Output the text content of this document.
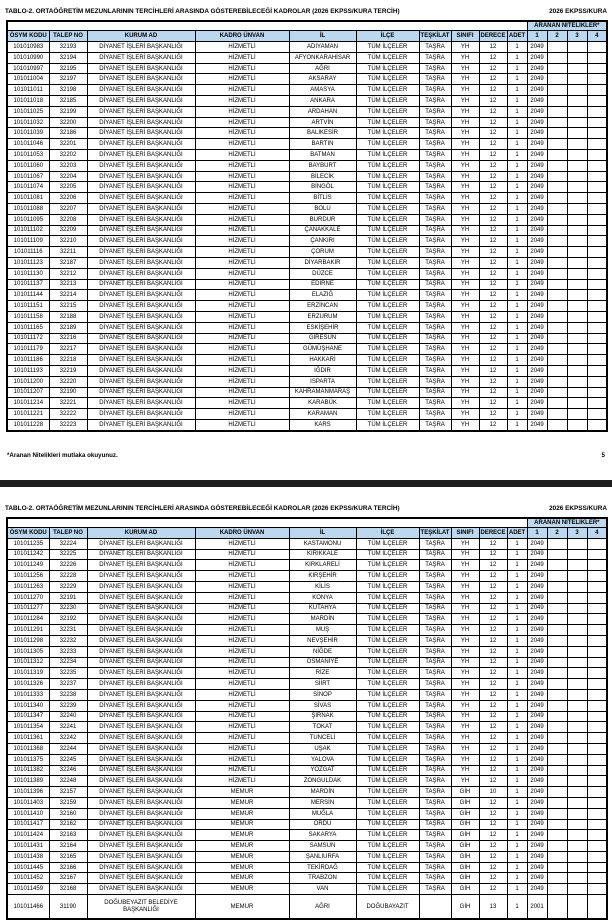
TABLO-2. ORTAÖĞRETİM MEZUNLARININ TERCİHLERİ ARASINDA GÖSTEREBİLECEĞİ KADROLAR (2026 EKPSS/KURA TERCİH)	2026 EKPSS/KURA
										ARANAN NİTELİKLER*			
ÖSYM KODU	TALEP NO	KURUM AD	KADRO ÜNVAN	İL	İLÇE	TEŞKİLAT	SINIFI	DERECE	ADET	1	2	3	4
101010983	32193	DİYANET İŞLERİ BAŞKANLIĞI	HİZMETLİ	ADIYAMAN	TÜM İLÇELER	TAŞRA	YH	12	1	2049			
101010990	32194	DİYANET İŞLERİ BAŞKANLIĞI	HİZMETLİ	AFYONKARAHİSAR	TÜM İLÇELER	TAŞRA	YH	12	1	2049			
101010997	32195	DİYANET İŞLERİ BAŞKANLIĞI	HİZMETLİ	AĞRI	TÜM İLÇELER	TAŞRA	YH	12	1	2049			
101011004	32197	DİYANET İŞLERİ BAŞKANLIĞI	HİZMETLİ	AKSARAY	TÜM İLÇELER	TAŞRA	YH	12	1	2049			
101011011	32198	DİYANET İŞLERİ BAŞKANLIĞI	HİZMETLİ	AMASYA	TÜM İLÇELER	TAŞRA	YH	12	1	2049			
101011018	32185	DİYANET İŞLERİ BAŞKANLIĞI	HİZMETLİ	ANKARA	TÜM İLÇELER	TAŞRA	YH	12	1	2049			
101011025	32199	DİYANET İŞLERİ BAŞKANLIĞI	HİZMETLİ	ARDAHAN	TÜM İLÇELER	TAŞRA	YH	12	1	2049			
101011032	32200	DİYANET İŞLERİ BAŞKANLIĞI	HİZMETLİ	ARTVİN	TÜM İLÇELER	TAŞRA	YH	12	1	2049			
101011039	32186	DİYANET İŞLERİ BAŞKANLIĞI	HİZMETLİ	BALIKESİR	TÜM İLÇELER	TAŞRA	YH	12	1	2049			
101011046	32201	DİYANET İŞLERİ BAŞKANLIĞI	HİZMETLİ	BARTIN	TÜM İLÇELER	TAŞRA	YH	12	1	2049			
101011053	32202	DİYANET İŞLERİ BAŞKANLIĞI	HİZMETLİ	BATMAN	TÜM İLÇELER	TAŞRA	YH	12	1	2049			
101011060	32203	DİYANET İŞLERİ BAŞKANLIĞI	HİZMETLİ	BAYBURT	TÜM İLÇELER	TAŞRA	YH	12	1	2049			
101011067	32204	DİYANET İŞLERİ BAŞKANLIĞI	HİZMETLİ	BİLECİK	TÜM İLÇELER	TAŞRA	YH	12	1	2049			
101011074	32205	DİYANET İŞLERİ BAŞKANLIĞI	HİZMETLİ	BİNGÖL	TÜM İLÇELER	TAŞRA	YH	12	1	2049			
101011081	32206	DİYANET İŞLERİ BAŞKANLIĞI	HİZMETLİ	BİTLİS	TÜM İLÇELER	TAŞRA	YH	12	1	2049			
101011088	32207	DİYANET İŞLERİ BAŞKANLIĞI	HİZMETLİ	BOLU	TÜM İLÇELER	TAŞRA	YH	12	1	2049			
101011095	32208	DİYANET İŞLERİ BAŞKANLIĞI	HİZMETLİ	BURDUR	TÜM İLÇELER	TAŞRA	YH	12	1	2049			
101011102	32209	DİYANET İŞLERİ BAŞKANLIĞI	HİZMETLİ	ÇANAKKALE	TÜM İLÇELER	TAŞRA	YH	12	1	2049			
101011109	32210	DİYANET İŞLERİ BAŞKANLIĞI	HİZMETLİ	ÇANKIRI	TÜM İLÇELER	TAŞRA	YH	12	1	2049			
101011116	32211	DİYANET İŞLERİ BAŞKANLIĞI	HİZMETLİ	ÇORUM	TÜM İLÇELER	TAŞRA	YH	12	1	2049			
101011123	32187	DİYANET İŞLERİ BAŞKANLIĞI	HİZMETLİ	DİYARBAKIR	TÜM İLÇELER	TAŞRA	YH	12	1	2049			
101011130	32212	DİYANET İŞLERİ BAŞKANLIĞI	HİZMETLİ	DÜZCE	TÜM İLÇELER	TAŞRA	YH	12	1	2049			
101011137	32213	DİYANET İŞLERİ BAŞKANLIĞI	HİZMETLİ	EDİRNE	TÜM İLÇELER	TAŞRA	YH	12	1	2049			
101011144	32214	DİYANET İŞLERİ BAŞKANLIĞI	HİZMETLİ	ELAZIĞ	TÜM İLÇELER	TAŞRA	YH	12	1	2049			
101011151	32215	DİYANET İŞLERİ BAŞKANLIĞI	HİZMETLİ	ERZİNCAN	TÜM İLÇELER	TAŞRA	YH	12	1	2049			
101011158	32188	DİYANET İŞLERİ BAŞKANLIĞI	HİZMETLİ	ERZURUM	TÜM İLÇELER	TAŞRA	YH	12	1	2049			
101011165	32189	DİYANET İŞLERİ BAŞKANLIĞI	HİZMETLİ	ESKİŞEHİR	TÜM İLÇELER	TAŞRA	YH	12	1	2049			
101011172	32216	DİYANET İŞLERİ BAŞKANLIĞI	HİZMETLİ	GİRESUN	TÜM İLÇELER	TAŞRA	YH	12	1	2049			
101011179	32217	DİYANET İŞLERİ BAŞKANLIĞI	HİZMETLİ	GÜMÜŞHANE	TÜM İLÇELER	TAŞRA	YH	12	1	2049			
101011186	32218	DİYANET İŞLERİ BAŞKANLIĞI	HİZMETLİ	HAKKARİ	TÜM İLÇELER	TAŞRA	YH	12	1	2049			
101011193	32219	DİYANET İŞLERİ BAŞKANLIĞI	HİZMETLİ	IĞDIR	TÜM İLÇELER	TAŞRA	YH	12	1	2049			
101011200	32220	DİYANET İŞLERİ BAŞKANLIĞI	HİZMETLİ	ISPARTA	TÜM İLÇELER	TAŞRA	YH	12	1	2049			
101011207	32190	DİYANET İŞLERİ BAŞKANLIĞI	HİZMETLİ	KAHRAMANMARAŞ	TÜM İLÇELER	TAŞRA	YH	12	1	2049			
101011214	32221	DİYANET İŞLERİ BAŞKANLIĞI	HİZMETLİ	KARABÜK	TÜM İLÇELER	TAŞRA	YH	12	1	2049			
101011221	32222	DİYANET İŞLERİ BAŞKANLIĞI	HİZMETLİ	KARAMAN	TÜM İLÇELER	TAŞRA	YH	12	1	2049			
101011228	32223	DİYANET İŞLERİ BAŞKANLIĞI	HİZMETLİ	KARS	TÜM İLÇELER	TAŞRA	YH	12	1	2049			
*Aranan Nitelikleri mutlaka okuyunuz.	5
TABLO-2. ORTAÖĞRETİM MEZUNLARININ TERCİHLERİ ARASINDA GÖSTEREBİLECEĞİ KADROLAR (2026 EKPSS/KURA TERCİH)	2026 EKPSS/KURA
										ARANAN NİTELİKLER*			
ÖSYM KODU	TALEP NO	KURUM AD	KADRO ÜNVAN	İL	İLÇE	TEŞKİLAT	SINIFI	DERECE	ADET	1	2	3	4
101011235	32224	DİYANET İŞLERİ BAŞKANLIĞI	HİZMETLİ	KASTAMONU	TÜM İLÇELER	TAŞRA	YH	12	1	2049			
101011242	32225	DİYANET İŞLERİ BAŞKANLIĞI	HİZMETLİ	KIRIKKALE	TÜM İLÇELER	TAŞRA	YH	12	1	2049			
101011249	32226	DİYANET İŞLERİ BAŞKANLIĞI	HİZMETLİ	KIRKLARELİ	TÜM İLÇELER	TAŞRA	YH	12	1	2049			
101011256	32228	DİYANET İŞLERİ BAŞKANLIĞI	HİZMETLİ	KIRŞEHİR	TÜM İLÇELER	TAŞRA	YH	12	1	2049			
101011263	32229	DİYANET İŞLERİ BAŞKANLIĞI	HİZMETLİ	KİLİS	TÜM İLÇELER	TAŞRA	YH	12	1	2049			
101011270	32191	DİYANET İŞLERİ BAŞKANLIĞI	HİZMETLİ	KONYA	TÜM İLÇELER	TAŞRA	YH	12	1	2049			
101011277	32230	DİYANET İŞLERİ BAŞKANLIĞI	HİZMETLİ	KÜTAHYA	TÜM İLÇELER	TAŞRA	YH	12	1	2049			
101011284	32192	DİYANET İŞLERİ BAŞKANLIĞI	HİZMETLİ	MARDİN	TÜM İLÇELER	TAŞRA	YH	12	1	2049			
101011291	32231	DİYANET İŞLERİ BAŞKANLIĞI	HİZMETLİ	MUŞ	TÜM İLÇELER	TAŞRA	YH	12	1	2049			
101011298	32232	DİYANET İŞLERİ BAŞKANLIĞI	HİZMETLİ	NEVŞEHİR	TÜM İLÇELER	TAŞRA	YH	12	1	2049			
101011305	32233	DİYANET İŞLERİ BAŞKANLIĞI	HİZMETLİ	NİĞDE	TÜM İLÇELER	TAŞRA	YH	12	1	2049			
101011312	32234	DİYANET İŞLERİ BAŞKANLIĞI	HİZMETLİ	OSMANİYE	TÜM İLÇELER	TAŞRA	YH	12	1	2049			
101011319	32235	DİYANET İŞLERİ BAŞKANLIĞI	HİZMETLİ	RİZE	TÜM İLÇELER	TAŞRA	YH	12	1	2049			
101011326	32237	DİYANET İŞLERİ BAŞKANLIĞI	HİZMETLİ	SİİRT	TÜM İLÇELER	TAŞRA	YH	12	1	2049			
101011333	32238	DİYANET İŞLERİ BAŞKANLIĞI	HİZMETLİ	SİNOP	TÜM İLÇELER	TAŞRA	YH	12	1	2049			
101011340	32239	DİYANET İŞLERİ BAŞKANLIĞI	HİZMETLİ	SİVAS	TÜM İLÇELER	TAŞRA	YH	12	1	2049			
101011347	32240	DİYANET İŞLERİ BAŞKANLIĞI	HİZMETLİ	ŞIRNAK	TÜM İLÇELER	TAŞRA	YH	12	1	2049			
101011354	32241	DİYANET İŞLERİ BAŞKANLIĞI	HİZMETLİ	TOKAT	TÜM İLÇELER	TAŞRA	YH	12	1	2049			
101011361	32242	DİYANET İŞLERİ BAŞKANLIĞI	HİZMETLİ	TUNCELİ	TÜM İLÇELER	TAŞRA	YH	12	1	2049			
101011368	32244	DİYANET İŞLERİ BAŞKANLIĞI	HİZMETLİ	UŞAK	TÜM İLÇELER	TAŞRA	YH	12	1	2049			
101011375	32245	DİYANET İŞLERİ BAŞKANLIĞI	HİZMETLİ	YALOVA	TÜM İLÇELER	TAŞRA	YH	12	1	2049			
101011382	32246	DİYANET İŞLERİ BAŞKANLIĞI	HİZMETLİ	YOZGAT	TÜM İLÇELER	TAŞRA	YH	12	1	2049			
101011389	32248	DİYANET İŞLERİ BAŞKANLIĞI	HİZMETLİ	ZONGULDAK	TÜM İLÇELER	TAŞRA	YH	12	1	2049			
101011396	32157	DİYANET İŞLERİ BAŞKANLIĞI	MEMUR	MARDİN	TÜM İLÇELER	TAŞRA	GİH	10	1	2049			
101011403	32159	DİYANET İŞLERİ BAŞKANLIĞI	MEMUR	MERSİN	TÜM İLÇELER	TAŞRA	GİH	12	1	2049			
101011410	32160	DİYANET İŞLERİ BAŞKANLIĞI	MEMUR	MUĞLA	TÜM İLÇELER	TAŞRA	GİH	12	1	2049			
101011417	32162	DİYANET İŞLERİ BAŞKANLIĞI	MEMUR	ORDU	TÜM İLÇELER	TAŞRA	GİH	12	1	2049			
101011424	32163	DİYANET İŞLERİ BAŞKANLIĞI	MEMUR	SAKARYA	TÜM İLÇELER	TAŞRA	GİH	12	1	2049			
101011431	32164	DİYANET İŞLERİ BAŞKANLIĞI	MEMUR	SAMSUN	TÜM İLÇELER	TAŞRA	GİH	12	1	2049			
101011438	32165	DİYANET İŞLERİ BAŞKANLIĞI	MEMUR	ŞANLIURFA	TÜM İLÇELER	TAŞRA	GİH	12	1	2049			
101011445	32166	DİYANET İŞLERİ BAŞKANLIĞI	MEMUR	TEKİRDAĞ	TÜM İLÇELER	TAŞRA	GİH	12	1	2049			
101011452	32167	DİYANET İŞLERİ BAŞKANLIĞI	MEMUR	TRABZON	TÜM İLÇELER	TAŞRA	GİH	12	1	2049			
101011459	32168	DİYANET İŞLERİ BAŞKANLIĞI	MEMUR	VAN	TÜM İLÇELER	TAŞRA	GİH	12	1	2049			
101011466	31190	DOĞUBEYAZIT BELEDİYE BAŞKANLIĞI	MEMUR	AĞRI	DOĞUBAYAZIT		GİH	13	1	2001			
